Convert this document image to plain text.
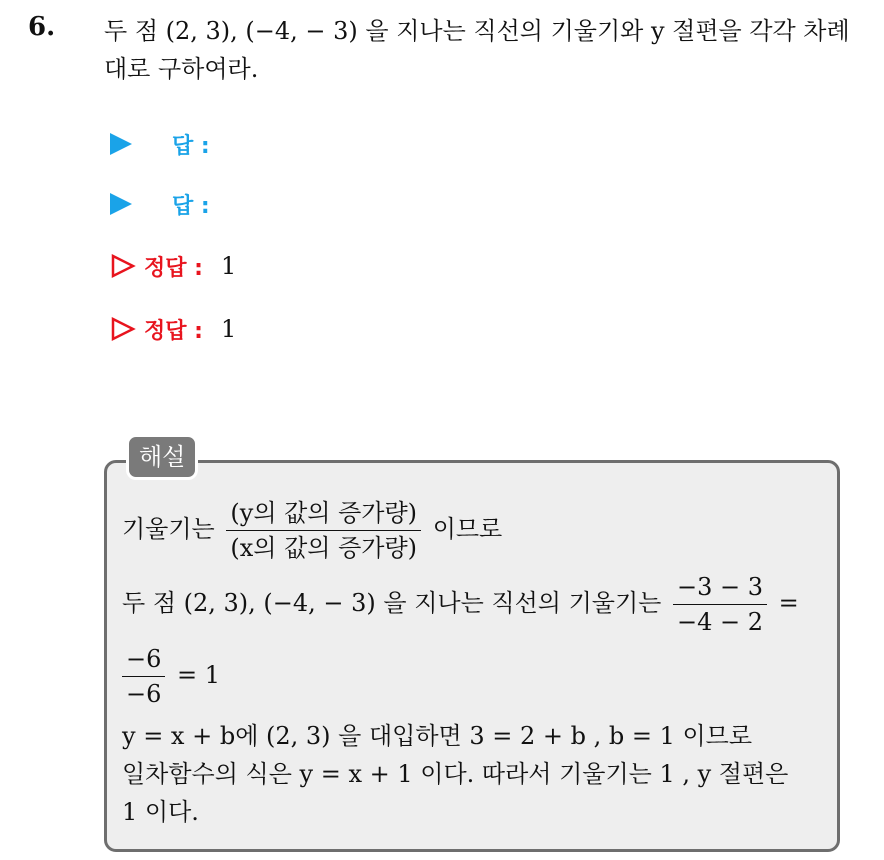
6. 두 점 (2, 3), (−4, − 3) 을 지나는 직선의 기울기와 y 절편을 각각 차례대로 구하여라.
답 :
답 :
정답 : 1
정답 : 1
해설
기울기는 $\frac{\text{(y의 값의 증가량)}}{\text{(x의 값의 증가량)}}$ 이므로
두 점 (2, 3), (−4, − 3) 을 지나는 직선의 기울기는 $\frac{-3 - 3}{-4 - 2}$ =
$\frac{-6}{-6} = 1$
y = x + b에 (2, 3) 을 대입하면 3 = 2 + b , b = 1 이므로
일차함수의 식은 y = x + 1 이다. 따라서 기울기는 1 , y 절편은
1 이다.
